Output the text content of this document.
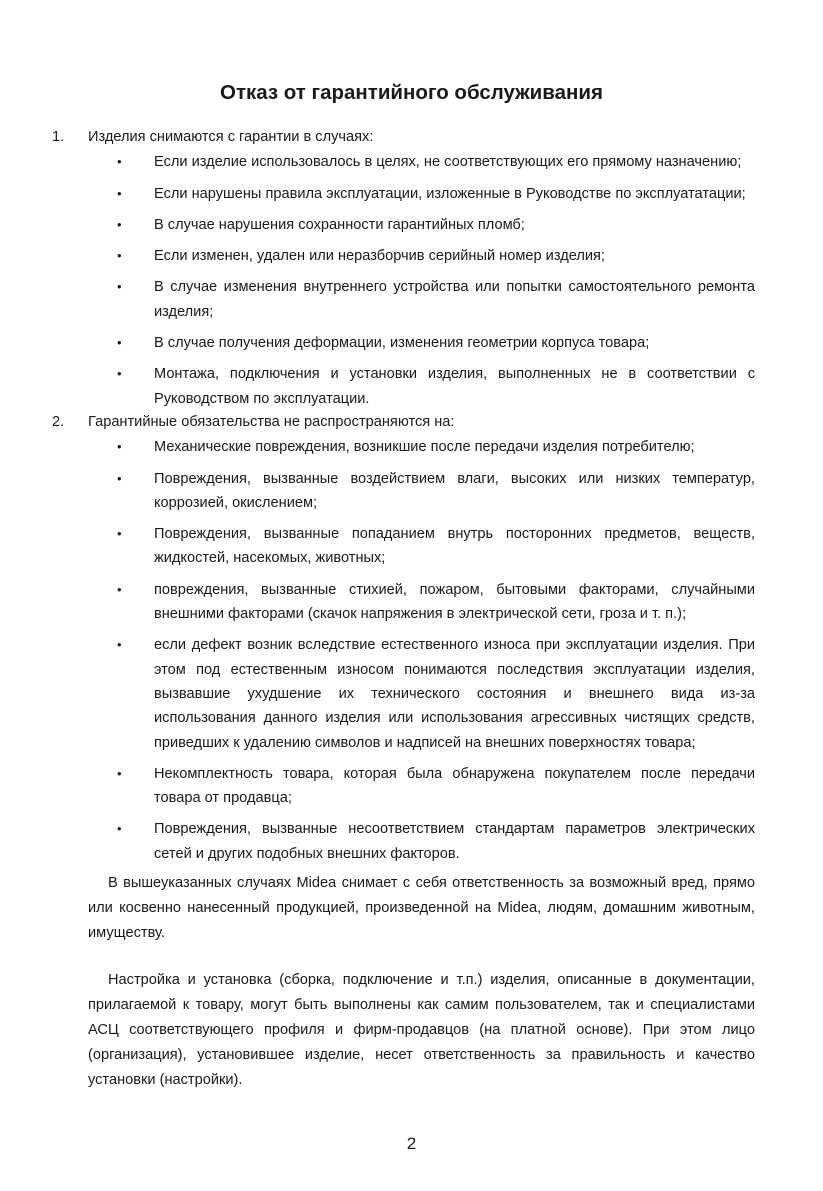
Отказ от гарантийного обслуживания
1.	Изделия снимаются с гарантии в случаях:
• Если изделие использовалось в целях, не соответствующих его прямому назначению;
• Если нарушены правила эксплуатации, изложенные в Руководстве по эксплуататации;
• В случае нарушения сохранности гарантийных пломб;
• Если изменен, удален или неразборчив серийный номер изделия;
• В случае изменения внутреннего устройства или попытки самостоятельного ремонта изделия;
• В случае получения деформации, изменения геометрии корпуса товара;
• Монтажа, подключения и установки изделия, выполненных не в соответствии с Руководством по эксплуатации.
2.	Гарантийные обязательства не распространяются на:
• Механические повреждения, возникшие после передачи изделия потребителю;
• Повреждения, вызванные воздействием влаги, высоких или низких температур, коррозией, окислением;
• Повреждения, вызванные попаданием внутрь посторонних предметов, веществ, жидкостей, насекомых, животных;
• повреждения, вызванные стихией, пожаром, бытовыми факторами, случайными внешними факторами (скачок напряжения в электрической сети, гроза и т. п.);
• если дефект возник вследствие естественного износа при эксплуатации изделия. При этом под естественным износом понимаются последствия эксплуатации изделия, вызвавшие ухудшение их технического состояния и внешнего вида из-за использования данного изделия или использования агрессивных чистящих средств, приведших к удалению символов и надписей на внешних поверхностях товара;
• Некомплектность товара, которая была обнаружена покупателем после передачи товара от продавца;
• Повреждения, вызванные несоответствием стандартам параметров электрических сетей и других подобных внешних факторов.

В вышеуказанных случаях Midea снимает с себя ответственность за возможный вред, прямо или косвенно нанесенный продукцией, произведенной на Midea, людям, домашним животным, имуществу.

Настройка и установка (сборка, подключение и т.п.) изделия, описанные в документации, прилагаемой к товару, могут быть выполнены как самим пользователем, так и специалистами АСЦ соответствующего профиля и фирм-продавцов (на платной основе). При этом лицо (организация), установившее изделие, несет ответственность за правильность и качество установки (настройки).

2
